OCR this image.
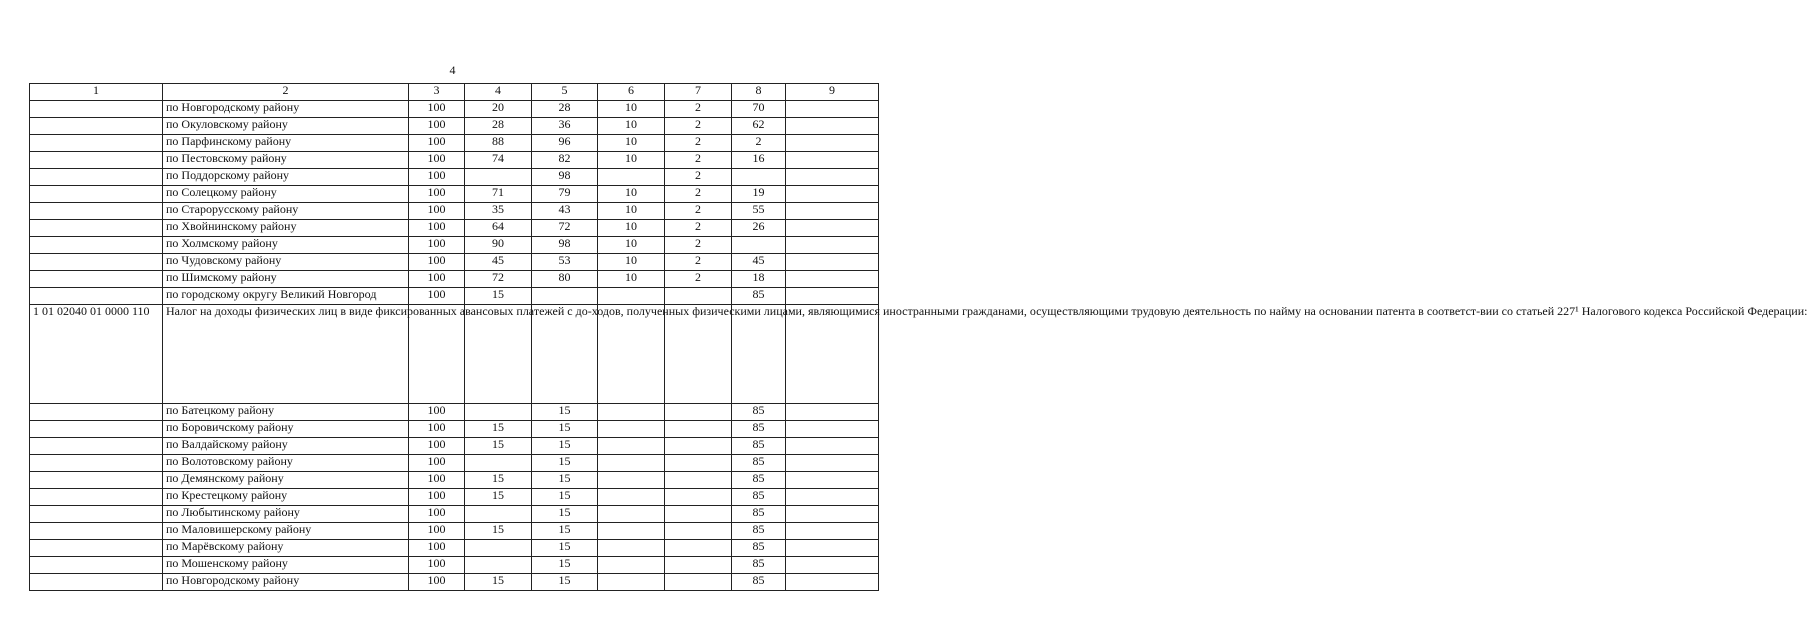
4
1	2	3	4	5	6	7	8	9
	по Новгородскому району	100	20	28	10	2	70	
	по Окуловскому району	100	28	36	10	2	62	
	по Парфинскому району	100	88	96	10	2	2	
	по Пестовскому району	100	74	82	10	2	16	
	по Поддорскому району	100		98		2		
	по Солецкому району	100	71	79	10	2	19	
	по Старорусскому району	100	35	43	10	2	55	
	по Хвойнинскому району	100	64	72	10	2	26	
	по Холмскому району	100	90	98	10	2		
	по Чудовскому району	100	45	53	10	2	45	
	по Шимскому району	100	72	80	10	2	18	
	по городскому округу Великий Новгород	100	15				85	
1 01 02040 01 0000 110	Налог на доходы физических лиц в виде фиксированных авансовых платежей с до-ходов, полученных физическими лицами, являющимися иностранными гражданами, осуществляющими трудовую деятельность по найму на основании патента в соответст-вии со статьей 227¹ Налогового кодекса Российской Федерации:							
	по Батецкому району	100		15			85	
	по Боровичскому району	100	15	15			85	
	по Валдайскому району	100	15	15			85	
	по Волотовскому району	100		15			85	
	по Демянскому району	100	15	15			85	
	по Крестецкому району	100	15	15			85	
	по Любытинскому району	100		15			85	
	по Маловишерскому району	100	15	15			85	
	по Марёвскому району	100		15			85	
	по Мошенскому району	100		15			85	
	по Новгородскому району	100	15	15			85	
